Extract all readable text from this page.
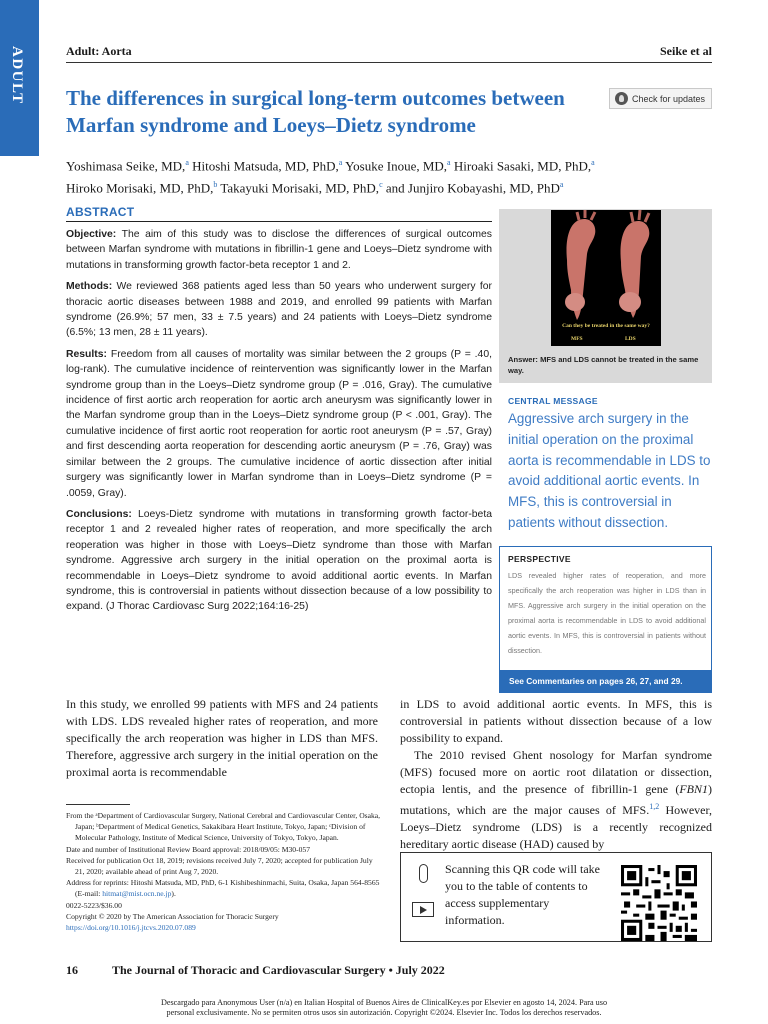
ADULT	Adult: Aorta	Seike et al
The differences in surgical long-term outcomes between Marfan syndrome and Loeys–Dietz syndrome
Check for updates
Yoshimasa Seike, MD,$^a$ Hitoshi Matsuda, MD, PhD,$^a$ Yosuke Inoue, MD,$^a$ Hiroaki Sasaki, MD, PhD,$^a$
Hiroko Morisaki, MD, PhD,$^b$ Takayuki Morisaki, MD, PhD,$^c$ and Junjiro Kobayashi, MD, PhD$^a$
ABSTRACT

Objective: The aim of this study was to disclose the differences of surgical outcomes between Marfan syndrome with mutations in fibrillin-1 gene and Loeys–Dietz syndrome with mutations in transforming growth factor-beta receptor 1 and 2.

Methods: We reviewed 368 patients aged less than 50 years who underwent surgery for thoracic aortic diseases between 1988 and 2019, and enrolled 99 patients with Marfan syndrome (26.9%; 57 men, 33 ± 7.5 years) and 24 patients with Loeys–Dietz syndrome (6.5%; 13 men, 28 ± 11 years).

Results: Freedom from all causes of mortality was similar between the 2 groups (P = .40, log-rank). The cumulative incidence of reintervention was significantly lower in the Marfan syndrome group than in the Loeys–Dietz syndrome group (P = .016, Gray). The cumulative incidence of first aortic arch reoperation for aortic arch aneurysm was significantly lower in the Marfan syndrome group than in the Loeys–Dietz syndrome group (P < .001, Gray). The cumulative incidence of first aortic root reoperation for aortic root aneurysm (P = .57, Gray) and first descending aorta reoperation for descending aortic aneurysm (P = .76, Gray) was similar between the 2 groups. The cumulative incidence of aortic dissection after initial surgery was significantly lower in Marfan syndrome than in Loeys–Dietz syndrome (P = .0059, Gray).

Conclusions: Loeys-Dietz syndrome with mutations in transforming growth factor-beta receptor 1 and 2 revealed higher rates of reoperation, and more specifically the arch reoperation was higher in those with Loeys–Dietz syndrome than those with Marfan syndrome. Aggressive arch surgery in the initial operation on the proximal aorta is recommendable in Loeys–Dietz syndrome to avoid additional aortic events. In Marfan syndrome, this is controversial in patients without dissection because of a low possibility to expand. (J Thorac Cardiovasc Surg 2022;164:16-25)

Can they be treated in the same way?
MFS	LDS
Answer: MFS and LDS cannot be treated in the same way.
CENTRAL MESSAGE
Aggressive arch surgery in the initial operation on the proximal aorta is recommendable in LDS to avoid additional aortic events. In MFS, this is controversial in patients without dissection.
PERSPECTIVE
LDS revealed higher rates of reoperation, and more specifically the arch reoperation was higher in LDS than in MFS. Aggressive arch surgery in the initial operation on the proximal aorta is recommendable in LDS to avoid additional aortic events. In MFS, this is controversial in patients without dissection.
See Commentaries on pages 26, 27, and 29.
In this study, we enrolled 99 patients with MFS and 24 patients with LDS. LDS revealed higher rates of reoperation, and more specifically the arch reoperation was higher in LDS than MFS. Therefore, aggressive arch surgery in the initial operation on the proximal aorta is recommendable

in LDS to avoid additional aortic events. In MFS, this is controversial in patients without dissection because of a low possibility to expand.

The 2010 revised Ghent nosology for Marfan syndrome (MFS) focused more on aortic root dilatation or dissection, ectopia lentis, and the presence of fibrillin-1 gene (FBN1) mutations, which are the major causes of MFS.$^{1,2}$ However, Loeys–Dietz syndrome (LDS) is a recently recognized hereditary aortic disease (HAD) caused by

From the ᵃDepartment of Cardiovascular Surgery, National Cerebral and Cardiovascular Center, Osaka, Japan; ᵇDepartment of Medical Genetics, Sakakibara Heart Institute, Tokyo, Japan; ᶜDivision of Molecular Pathology, Institute of Medical Science, University of Tokyo, Tokyo, Japan.

Date and number of Institutional Review Board approval: 2018/09/05: M30-057

Received for publication Oct 18, 2019; revisions received July 7, 2020; accepted for publication July 21, 2020; available ahead of print Aug 7, 2020.

Address for reprints: Hitoshi Matsuda, MD, PhD, 6-1 Kishibeshinmachi, Suita, Osaka, Japan 564-8565 (E-mail: hitmat@mist.ocn.ne.jp).

0022-5223/$36.00

Copyright © 2020 by The American Association for Thoracic Surgery

https://doi.org/10.1016/j.jtcvs.2020.07.089

Scanning this QR code will take you to the table of contents to access supplementary information.
16	The Journal of Thoracic and Cardiovascular Surgery • July 2022
Descargado para Anonymous User (n/a) en Italian Hospital of Buenos Aires de ClinicalKey.es por Elsevier en agosto 14, 2024. Para uso
personal exclusivamente. No se permiten otros usos sin autorización. Copyright ©2024. Elsevier Inc. Todos los derechos reservados.
